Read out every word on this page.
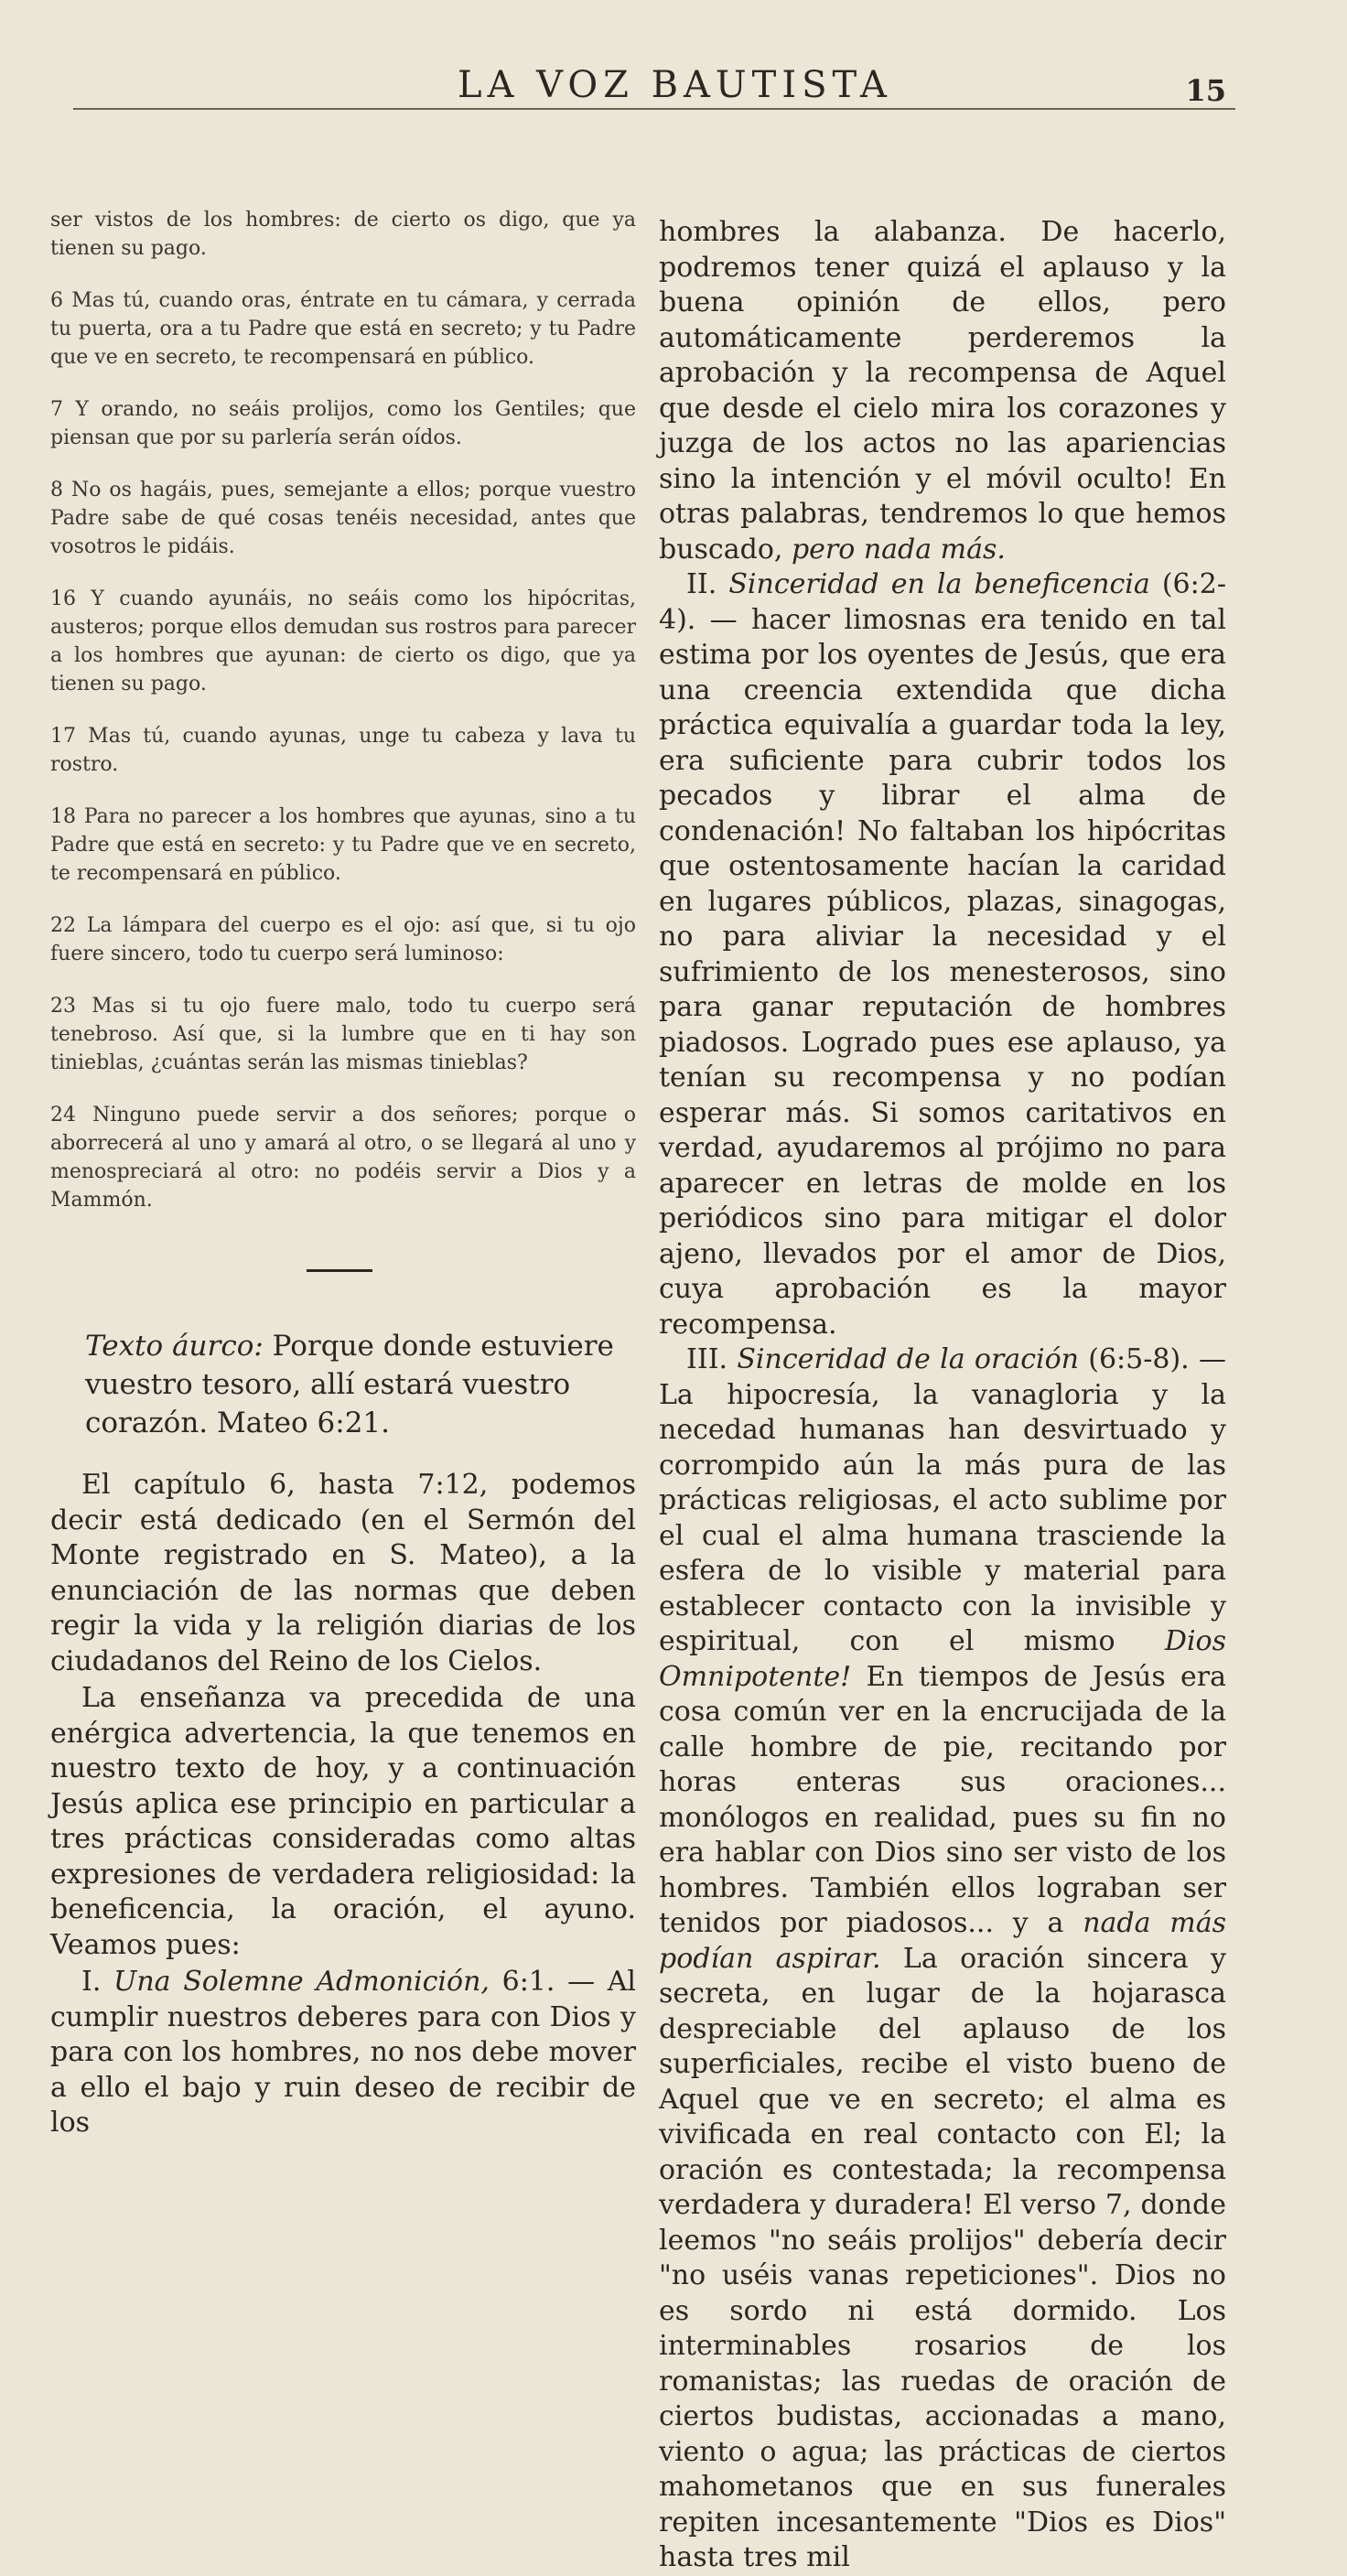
LA VOZ BAUTISTA	15

ser vistos de los hombres: de cierto os digo, que ya tienen su pago.

6 Mas tú, cuando oras, éntrate en tu cámara, y cerrada tu puerta, ora a tu Padre que está en secreto; y tu Padre que ve en secreto, te recompensará en público.

7 Y orando, no seáis prolijos, como los Gentiles; que piensan que por su parlería serán oídos.

8 No os hagáis, pues, semejante a ellos; porque vuestro Padre sabe de qué cosas tenéis necesidad, antes que vosotros le pidáis.

16 Y cuando ayunáis, no seáis como los hipócritas, austeros; porque ellos demudan sus rostros para parecer a los hombres que ayunan: de cierto os digo, que ya tienen su pago.

17 Mas tú, cuando ayunas, unge tu cabeza y lava tu rostro.

18 Para no parecer a los hombres que ayunas, sino a tu Padre que está en secreto: y tu Padre que ve en secreto, te recompensará en público.

22 La lámpara del cuerpo es el ojo: así que, si tu ojo fuere sincero, todo tu cuerpo será luminoso:

23 Mas si tu ojo fuere malo, todo tu cuerpo será tenebroso. Así que, si la lumbre que en ti hay son tinieblas, ¿cuántas serán las mismas tinieblas?

24 Ninguno puede servir a dos señores; porque o aborrecerá al uno y amará al otro, o se llegará al uno y menospreciará al otro: no podéis servir a Dios y a Mammón.

Texto áurco: Porque donde estuviere vuestro tesoro, allí estará vuestro corazón. Mateo 6:21.

El capítulo 6, hasta 7:12, podemos decir está dedicado (en el Sermón del Monte registrado en S. Mateo), a la enunciación de las normas que deben regir la vida y la religión diarias de los ciudadanos del Reino de los Cielos.

La enseñanza va precedida de una enérgica advertencia, la que tenemos en nuestro texto de hoy, y a continuación Jesús aplica ese principio en particular a tres prácticas consideradas como altas expresiones de verdadera religiosidad: la beneficencia, la oración, el ayuno. Veamos pues:

I. Una Solemne Admonición, 6:1. — Al cumplir nuestros deberes para con Dios y para con los hombres, no nos debe mover a ello el bajo y ruin deseo de recibir de los

hombres la alabanza. De hacerlo, podremos tener quizá el aplauso y la buena opinión de ellos, pero automáticamente perderemos la aprobación y la recompensa de Aquel que desde el cielo mira los corazones y juzga de los actos no las apariencias sino la intención y el móvil oculto! En otras palabras, tendremos lo que hemos buscado, pero nada más.

II. Sinceridad en la beneficencia (6:2-4). — hacer limosnas era tenido en tal estima por los oyentes de Jesús, que era una creencia extendida que dicha práctica equivalía a guardar toda la ley, era suficiente para cubrir todos los pecados y librar el alma de condenación! No faltaban los hipócritas que ostentosamente hacían la caridad en lugares públicos, plazas, sinagogas, no para aliviar la necesidad y el sufrimiento de los menesterosos, sino para ganar reputación de hombres piadosos. Logrado pues ese aplauso, ya tenían su recompensa y no podían esperar más. Si somos caritativos en verdad, ayudaremos al prójimo no para aparecer en letras de molde en los periódicos sino para mitigar el dolor ajeno, llevados por el amor de Dios, cuya aprobación es la mayor recompensa.

III. Sinceridad de la oración (6:5-8). — La hipocresía, la vanagloria y la necedad humanas han desvirtuado y corrompido aún la más pura de las prácticas religiosas, el acto sublime por el cual el alma humana trasciende la esfera de lo visible y material para establecer contacto con la invisible y espiritual, con el mismo Dios Omnipotente! En tiempos de Jesús era cosa común ver en la encrucijada de la calle hombre de pie, recitando por horas enteras sus oraciones... monólogos en realidad, pues su fin no era hablar con Dios sino ser visto de los hombres. También ellos lograban ser tenidos por piadosos... y a nada más podían aspirar. La oración sincera y secreta, en lugar de la hojarasca despreciable del aplauso de los superficiales, recibe el visto bueno de Aquel que ve en secreto; el alma es vivificada en real contacto con El; la oración es contestada; la recompensa verdadera y duradera! El verso 7, donde leemos "no seáis prolijos" debería decir "no uséis vanas repeticiones". Dios no es sordo ni está dormido. Los interminables rosarios de los romanistas; las ruedas de oración de ciertos budistas, accionadas a mano, viento o agua; las prácticas de ciertos mahometanos que en sus funerales repiten incesantemente "Dios es Dios" hasta tres mil
